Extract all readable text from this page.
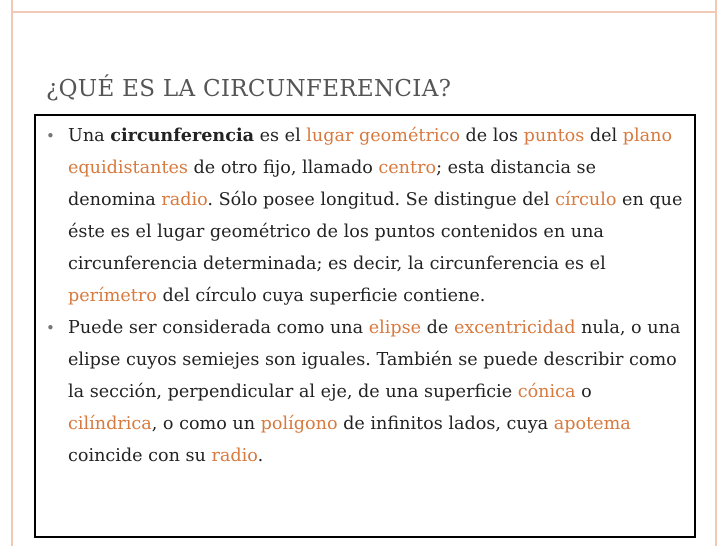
¿QUÉ ES LA CIRCUNFERENCIA?
• Una circunferencia es el lugar geométrico de los puntos del plano equidistantes de otro fijo, llamado centro; esta distancia se denomina radio. Sólo posee longitud. Se distingue del círculo en que éste es el lugar geométrico de los puntos contenidos en una circunferencia determinada; es decir, la circunferencia es el perímetro del círculo cuya superficie contiene.
• Puede ser considerada como una elipse de excentricidad nula, o una elipse cuyos semiejes son iguales. También se puede describir como la sección, perpendicular al eje, de una superficie cónica o cilíndrica, o como un polígono de infinitos lados, cuya apotema coincide con su radio.
